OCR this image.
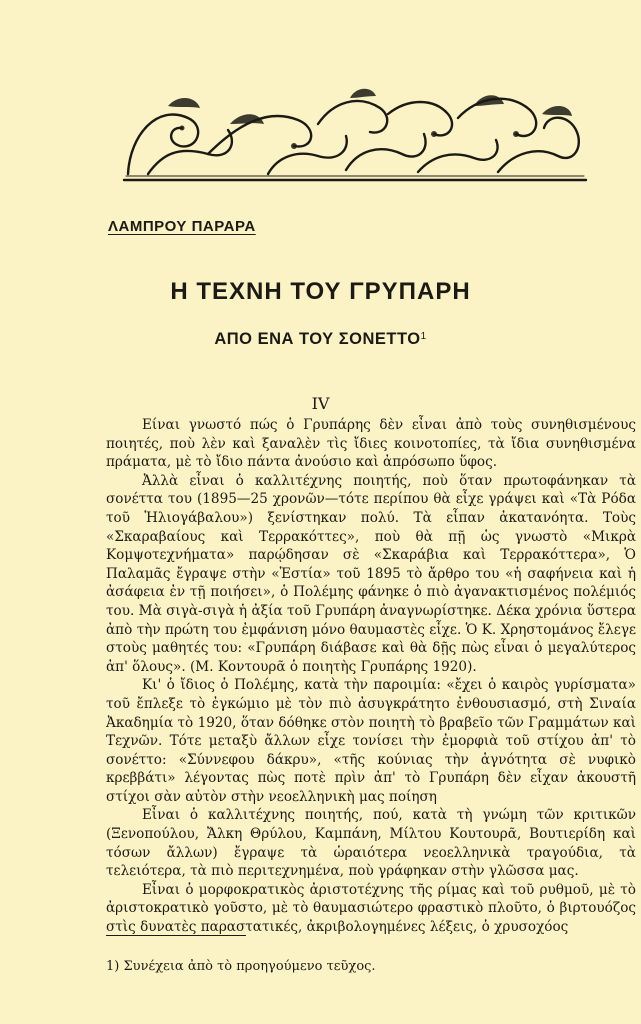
ΛΑΜΠΡΟΥ ΠΑΡΑΡΑ
Η ΤΕΧΝΗ ΤΟΥ ΓΡΥΠΑΡΗ
ΑΠΟ ΕΝΑ ΤΟΥ ΣΟΝΕΤΤΟ$^1$
IV

Είναι γνωστό πώς ὁ Γρυπάρης δὲν εἶναι ἀπὸ τοὺς συνηθισμένους ποιητές, ποὺ λὲν καὶ ξαναλὲν τὶς ἴδιες κοινοτοπίες, τὰ ἴδια συνηθισμένα πράματα, μὲ τὸ ἴδιο πάντα ἀνούσιο καὶ ἀπρόσωπο ὕφος.

Ἀλλὰ εἶναι ὁ καλλιτέχνης ποιητής, ποὺ ὅταν πρωτοφάνηκαν τὰ σονέττα του (1895—25 χρονῶν—τότε περίπου θὰ εἶχε γράψει καὶ «Τὰ Ρόδα τοῦ Ἡλιογάβαλου») ξενίστηκαν πολύ. Τὰ εἶπαν ἀκατανόητα. Τοὺς «Σκαραβαίους καὶ Τερρακόττες», ποὺ θὰ πῇ ὡς γνωστὸ «Μικρὰ Κομψοτεχνήματα» παρῴδησαν σὲ «Σκαράβια καὶ Τερρακόττερα», Ὁ Παλαμᾶς ἔγραψε στὴν «Ἑστία» τοῦ 1895 τὸ ἄρθρο του «ἡ σαφήνεια καὶ ἡ ἀσάφεια ἐν τῇ ποιήσει», ὁ Πολέμης φάνηκε ὁ πιὸ ἀγανακτισμένος πολέμιός του. Μὰ σιγὰ-σιγὰ ἡ ἀξία τοῦ Γρυπάρη ἀναγνωρίστηκε. Δέκα χρόνια ὕστερα ἀπὸ τὴν πρώτη του ἐμφάνιση μόνο θαυμαστὲς εἶχε. Ὁ Κ. Χρηστομάνος ἔλεγε στοὺς μαθητές του: «Γρυπάρη διάβασε καὶ θὰ δῇς πὼς εἶναι ὁ μεγαλύτερος ἀπ' ὅλους». (Μ. Κοντουρᾶ ὁ ποιητὴς Γρυπάρης 1920).

Κι' ὁ ἴδιος ὁ Πολέμης, κατὰ τὴν παροιμία: «ἔχει ὁ καιρὸς γυρίσματα» τοῦ ἔπλεξε τὸ ἐγκώμιο μὲ τὸν πιὸ ἀσυγκράτητο ἐνθουσιασμό, στὴ Σιναία Ἀκαδημία τὸ 1920, ὅταν δόθηκε στὸν ποιητὴ τὸ βραβεῖο τῶν Γραμμάτων καὶ Τεχνῶν. Τότε μεταξὺ ἄλλων εἶχε τονίσει τὴν ἐμορφιὰ τοῦ στίχου ἀπ' τὸ σονέττο: «Σύννεφου δάκρυ», «τῆς κούνιας τὴν ἁγνότητα σὲ νυφικὸ κρεββάτι» λέγοντας πὼς ποτὲ πρὶν ἀπ' τὸ Γρυπάρη δὲν εἶχαν ἀκουστῆ στίχοι σὰν αὐτὸν στὴν νεοελληνικὴ μας ποίηση

Εἶναι ὁ καλλιτέχνης ποιητής, πού, κατὰ τὴ γνώμη τῶν κριτικῶν (Ξενοπούλου, Ἄλκη Θρύλου, Καμπάνη, Μίλτου Κουτουρᾶ, Βουτιερίδη καὶ τόσων ἄλλων) ἔγραψε τὰ ὡραιότερα νεοελληνικὰ τραγούδια, τὰ τελειότερα, τὰ πιὸ περιτεχνημένα, ποὺ γράφηκαν στὴν γλῶσσα μας.

Εἶναι ὁ μορφοκρατικὸς ἀριστοτέχνης τῆς ρίμας καὶ τοῦ ρυθμοῦ, μὲ τὸ ἀριστοκρατικὸ γοῦστο, μὲ τὸ θαυμασιώτερο φραστικὸ πλοῦτο, ὁ βιρτουόζος στὶς δυνατὲς παραστατικές, ἀκριβολογημένες λέξεις, ὁ χρυσοχόος

1) Συνέχεια ἀπὸ τὸ προηγούμενο τεῦχος.
